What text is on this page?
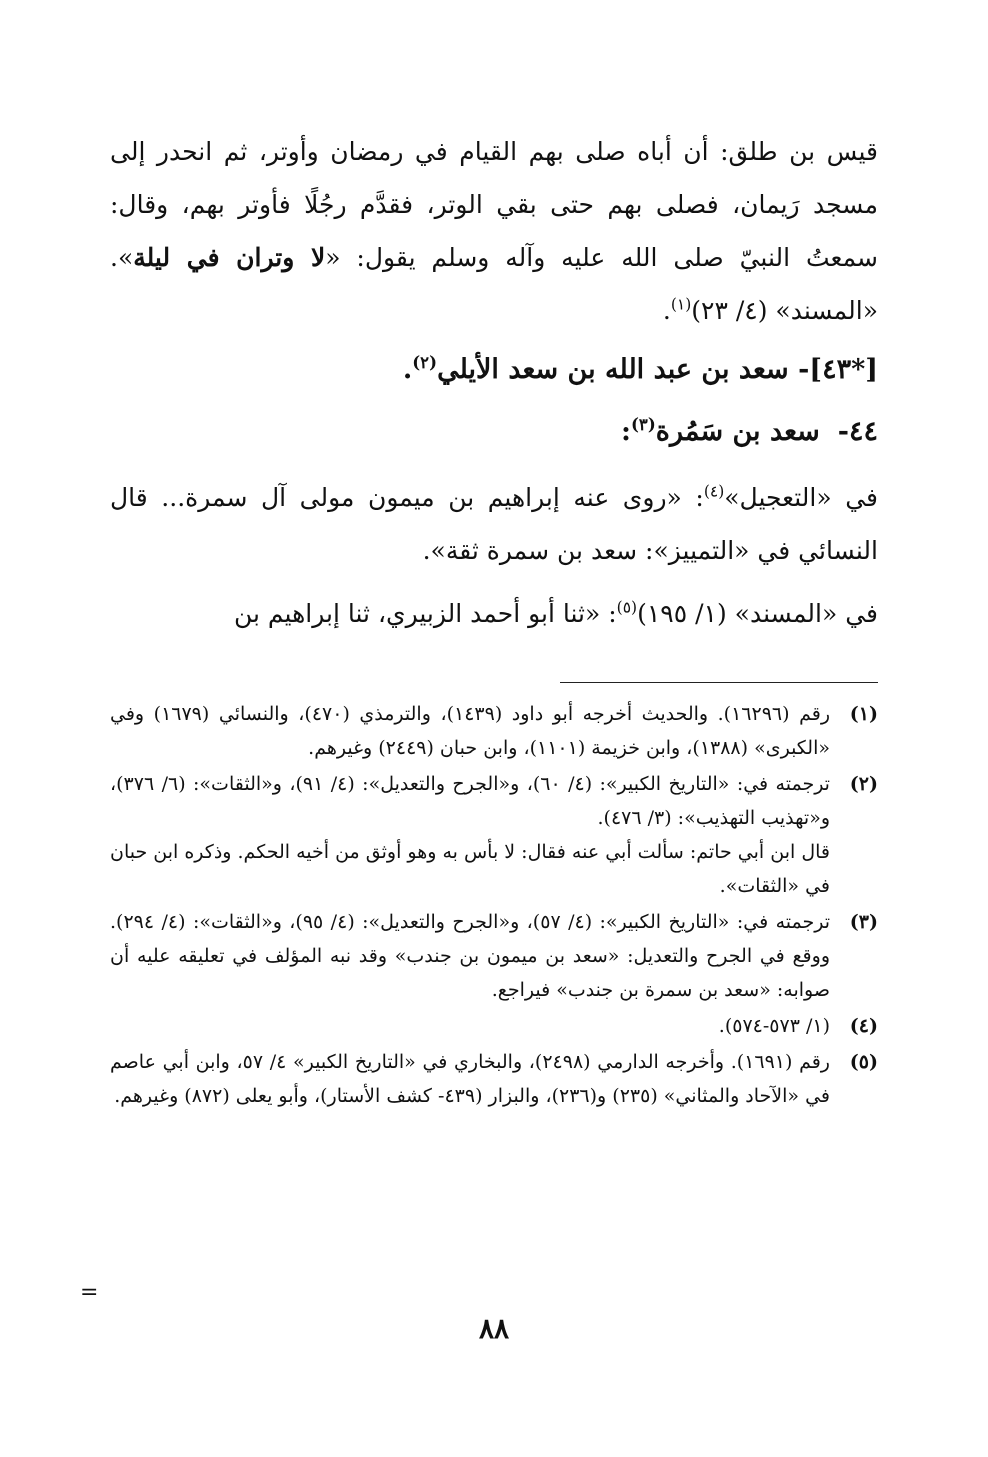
قيس بن طلق: أن أباه صلى بهم القيام في رمضان وأوتر، ثم انحدر إلى مسجد رَيمان، فصلى بهم حتى بقي الوتر، فقدَّم رجُلًا فأوتر بهم، وقال: سمعتُ النبيّ صلى الله عليه وآله وسلم يقول: «لا وتران في ليلة». «المسند» (٤/ ٢٣)$^{(١)}$.

[*٤٣]- سعد بن عبد الله بن سعد الأيلي$^{(٢)}$.
٤٤-سعد بن سَمُرة$^{(٣)}$:

في «التعجيل»$^{(٤)}$: «روى عنه إبراهيم بن ميمون مولى آل سمرة... قال النسائي في «التمييز»: سعد بن سمرة ثقة».

في «المسند» (١/ ١٩٥)$^{(٥)}$: «ثنا أبو أحمد الزبيري، ثنا إبراهيم بن

(١)

رقم (١٦٢٩٦). والحديث أخرجه أبو داود (١٤٣٩)، والترمذي (٤٧٠)، والنسائي (١٦٧٩) وفي «الكبرى» (١٣٨٨)، وابن خزيمة (١١٠١)، وابن حبان (٢٤٤٩) وغيرهم.

(٢)

ترجمته في: «التاريخ الكبير»: (٤/ ٦٠)، و«الجرح والتعديل»: (٤/ ٩١)، و«الثقات»: (٦/ ٣٧٦)، و«تهذيب التهذيب»: (٣/ ٤٧٦).

قال ابن أبي حاتم: سألت أبي عنه فقال: لا بأس به وهو أوثق من أخيه الحكم. وذكره ابن حبان في «الثقات».

(٣)

ترجمته في: «التاريخ الكبير»: (٤/ ٥٧)، و«الجرح والتعديل»: (٤/ ٩٥)، و«الثقات»: (٤/ ٢٩٤). ووقع في الجرح والتعديل: «سعد بن ميمون بن جندب» وقد نبه المؤلف في تعليقه عليه أن صوابه: «سعد بن سمرة بن جندب» فيراجع.

(٤)

(١/ ٥٧٣-٥٧٤).

(٥)

رقم (١٦٩١). وأخرجه الدارمي (٢٤٩٨)، والبخاري في «التاريخ الكبير» ٤/ ٥٧، وابن أبي عاصم في «الآحاد والمثاني» (٢٣٥) و(٢٣٦)، والبزار (٤٣٩- كشف الأستار)، وأبو يعلى (٨٧٢) وغيرهم.

٨٨
=
